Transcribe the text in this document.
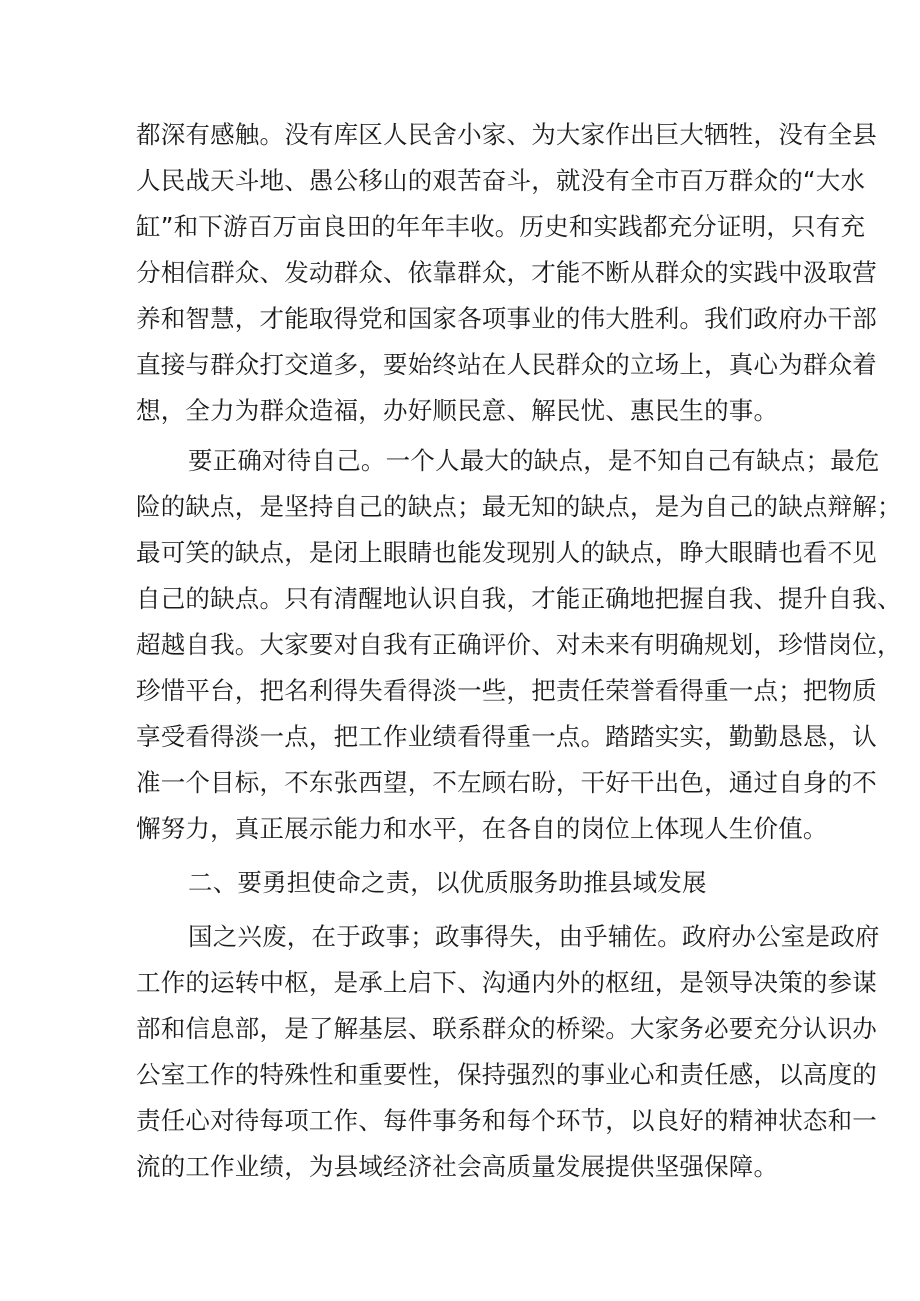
都深有感触。没有库区人民舍小家、为大家作出巨大牺牲，没有全县
人民战天斗地、愚公移山的艰苦奋斗，就没有全市百万群众的“大水
缸”和下游百万亩良田的年年丰收。历史和实践都充分证明，只有充
分相信群众、发动群众、依靠群众，才能不断从群众的实践中汲取营
养和智慧，才能取得党和国家各项事业的伟大胜利。我们政府办干部
直接与群众打交道多，要始终站在人民群众的立场上，真心为群众着
想，全力为群众造福，办好顺民意、解民忧、惠民生的事。
要正确对待自己。一个人最大的缺点，是不知自己有缺点；最危
险的缺点，是坚持自己的缺点；最无知的缺点，是为自己的缺点辩解；
最可笑的缺点，是闭上眼睛也能发现别人的缺点，睁大眼睛也看不见
自己的缺点。只有清醒地认识自我，才能正确地把握自我、提升自我、
超越自我。大家要对自我有正确评价、对未来有明确规划，珍惜岗位，
珍惜平台，把名利得失看得淡一些，把责任荣誉看得重一点；把物质
享受看得淡一点，把工作业绩看得重一点。踏踏实实，勤勤恳恳，认
准一个目标，不东张西望，不左顾右盼，干好干出色，通过自身的不
懈努力，真正展示能力和水平，在各自的岗位上体现人生价值。
二、要勇担使命之责，以优质服务助推县域发展
国之兴废，在于政事；政事得失，由乎辅佐。政府办公室是政府
工作的运转中枢，是承上启下、沟通内外的枢纽，是领导决策的参谋
部和信息部，是了解基层、联系群众的桥梁。大家务必要充分认识办
公室工作的特殊性和重要性，保持强烈的事业心和责任感，以高度的
责任心对待每项工作、每件事务和每个环节，以良好的精神状态和一
流的工作业绩，为县域经济社会高质量发展提供坚强保障。
